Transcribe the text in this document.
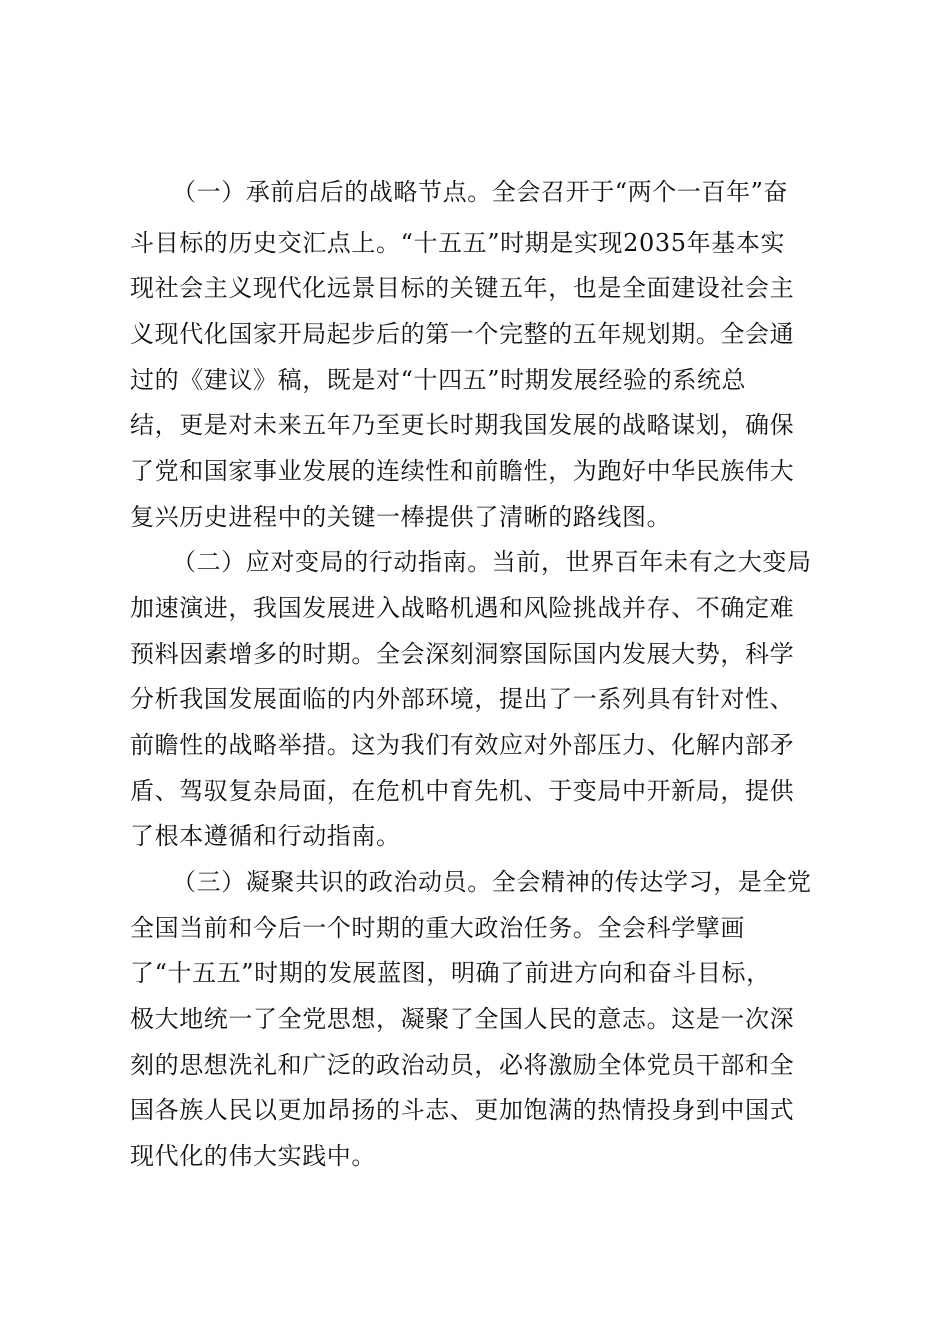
（一）承前启后的战略节点。全会召开于“两个一百年”奋

斗目标的历史交汇点上。“十五五”时期是实现2035年基本实

现社会主义现代化远景目标的关键五年，也是全面建设社会主

义现代化国家开局起步后的第一个完整的五年规划期。全会通

过的《建议》稿，既是对“十四五”时期发展经验的系统总

结，更是对未来五年乃至更长时期我国发展的战略谋划，确保

了党和国家事业发展的连续性和前瞻性，为跑好中华民族伟大

复兴历史进程中的关键一棒提供了清晰的路线图。

（二）应对变局的行动指南。当前，世界百年未有之大变局

加速演进，我国发展进入战略机遇和风险挑战并存、不确定难

预料因素增多的时期。全会深刻洞察国际国内发展大势，科学

分析我国发展面临的内外部环境，提出了一系列具有针对性、

前瞻性的战略举措。这为我们有效应对外部压力、化解内部矛

盾、驾驭复杂局面，在危机中育先机、于变局中开新局，提供

了根本遵循和行动指南。

（三）凝聚共识的政治动员。全会精神的传达学习，是全党

全国当前和今后一个时期的重大政治任务。全会科学擘画

了“十五五”时期的发展蓝图，明确了前进方向和奋斗目标，

极大地统一了全党思想，凝聚了全国人民的意志。这是一次深

刻的思想洗礼和广泛的政治动员，必将激励全体党员干部和全

国各族人民以更加昂扬的斗志、更加饱满的热情投身到中国式

现代化的伟大实践中。
